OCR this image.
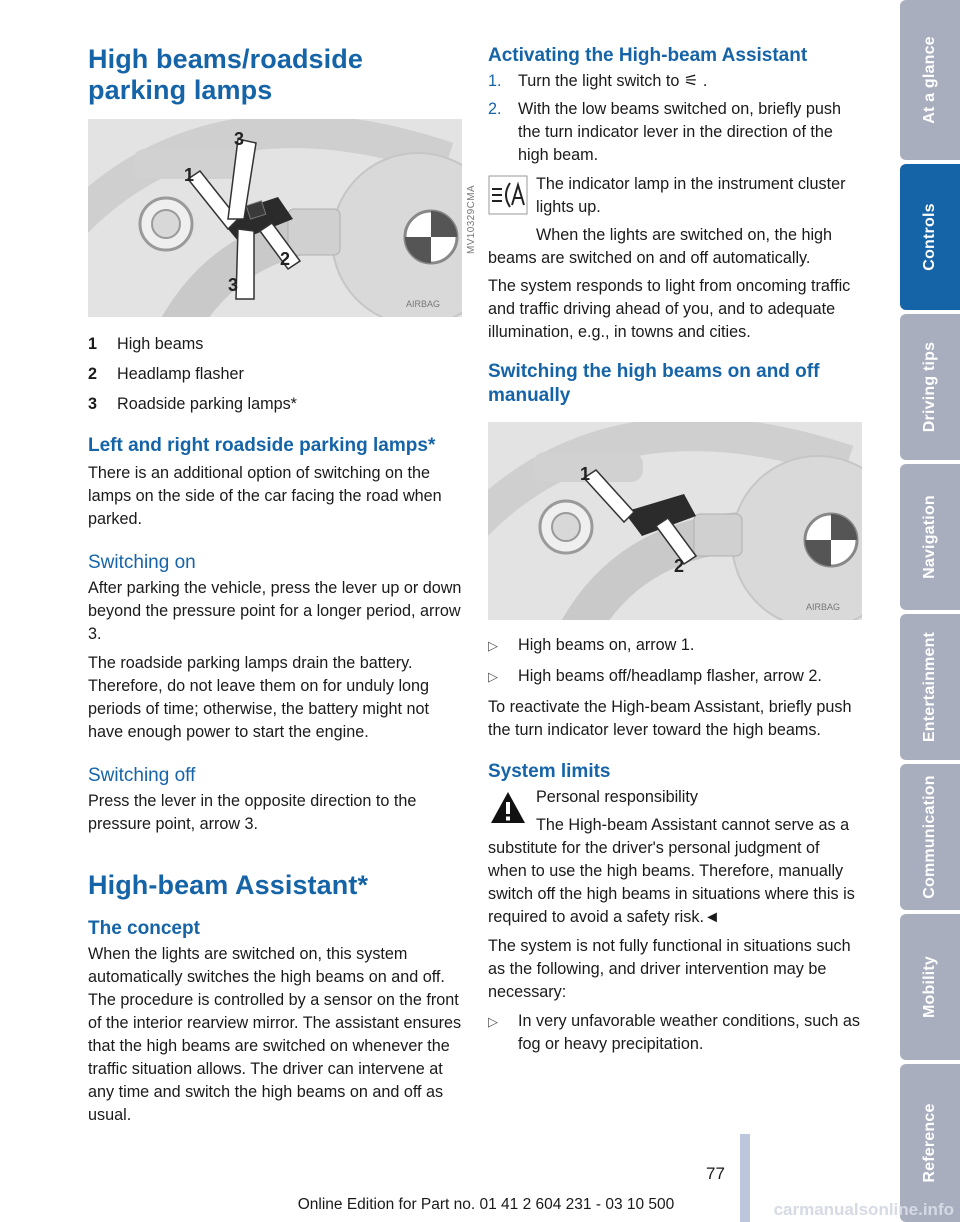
High beams/roadside parking lamps
1
2
3
3
AIRBAG
MV10329CMA
1	High beams
2	Headlamp flasher
3	Roadside parking lamps*
Left and right roadside parking lamps*

There is an additional option of switching on the lamps on the side of the car facing the road when parked.

Switching on

After parking the vehicle, press the lever up or down beyond the pressure point for a longer period, arrow 3.

The roadside parking lamps drain the battery. Therefore, do not leave them on for unduly long periods of time; otherwise, the battery might not have enough power to start the engine.

Switching off

Press the lever in the opposite direction to the pressure point, arrow 3.

High-beam Assistant*
The concept

When the lights are switched on, this system automatically switches the high beams on and off. The procedure is controlled by a sensor on the front of the interior rearview mirror. The assistant ensures that the high beams are switched on whenever the traffic situation allows. The driver can intervene at any time and switch the high beams on and off as usual.

Activating the High-beam Assistant
1.	Turn the light switch to ⚟ .
2.	With the low beams switched on, briefly push the turn indicator lever in the direction of the high beam.

The indicator lamp in the instrument cluster lights up.

When the lights are switched on, the high beams are switched on and off automatically.

The system responds to light from oncoming traffic and traffic driving ahead of you, and to adequate illumination, e.g., in towns and cities.

Switching the high beams on and off manually
1
2
AIRBAG
▷	High beams on, arrow 1.
▷	High beams off/headlamp flasher, arrow 2.

To reactivate the High-beam Assistant, briefly push the turn indicator lever toward the high beams.

System limits

Personal responsibility

The High-beam Assistant cannot serve as a substitute for the driver's personal judgment of when to use the high beams. Therefore, manually switch off the high beams in situations where this is required to avoid a safety risk.◄

The system is not fully functional in situations such as the following, and driver intervention may be necessary:

▷	In very unfavorable weather conditions, such as fog or heavy precipitation.
At a glance
Controls
Driving tips
Navigation
Entertainment
Communication
Mobility
Reference
77
Online Edition for Part no. 01 41 2 604 231 - 03 10 500	carmanualsonline.info
